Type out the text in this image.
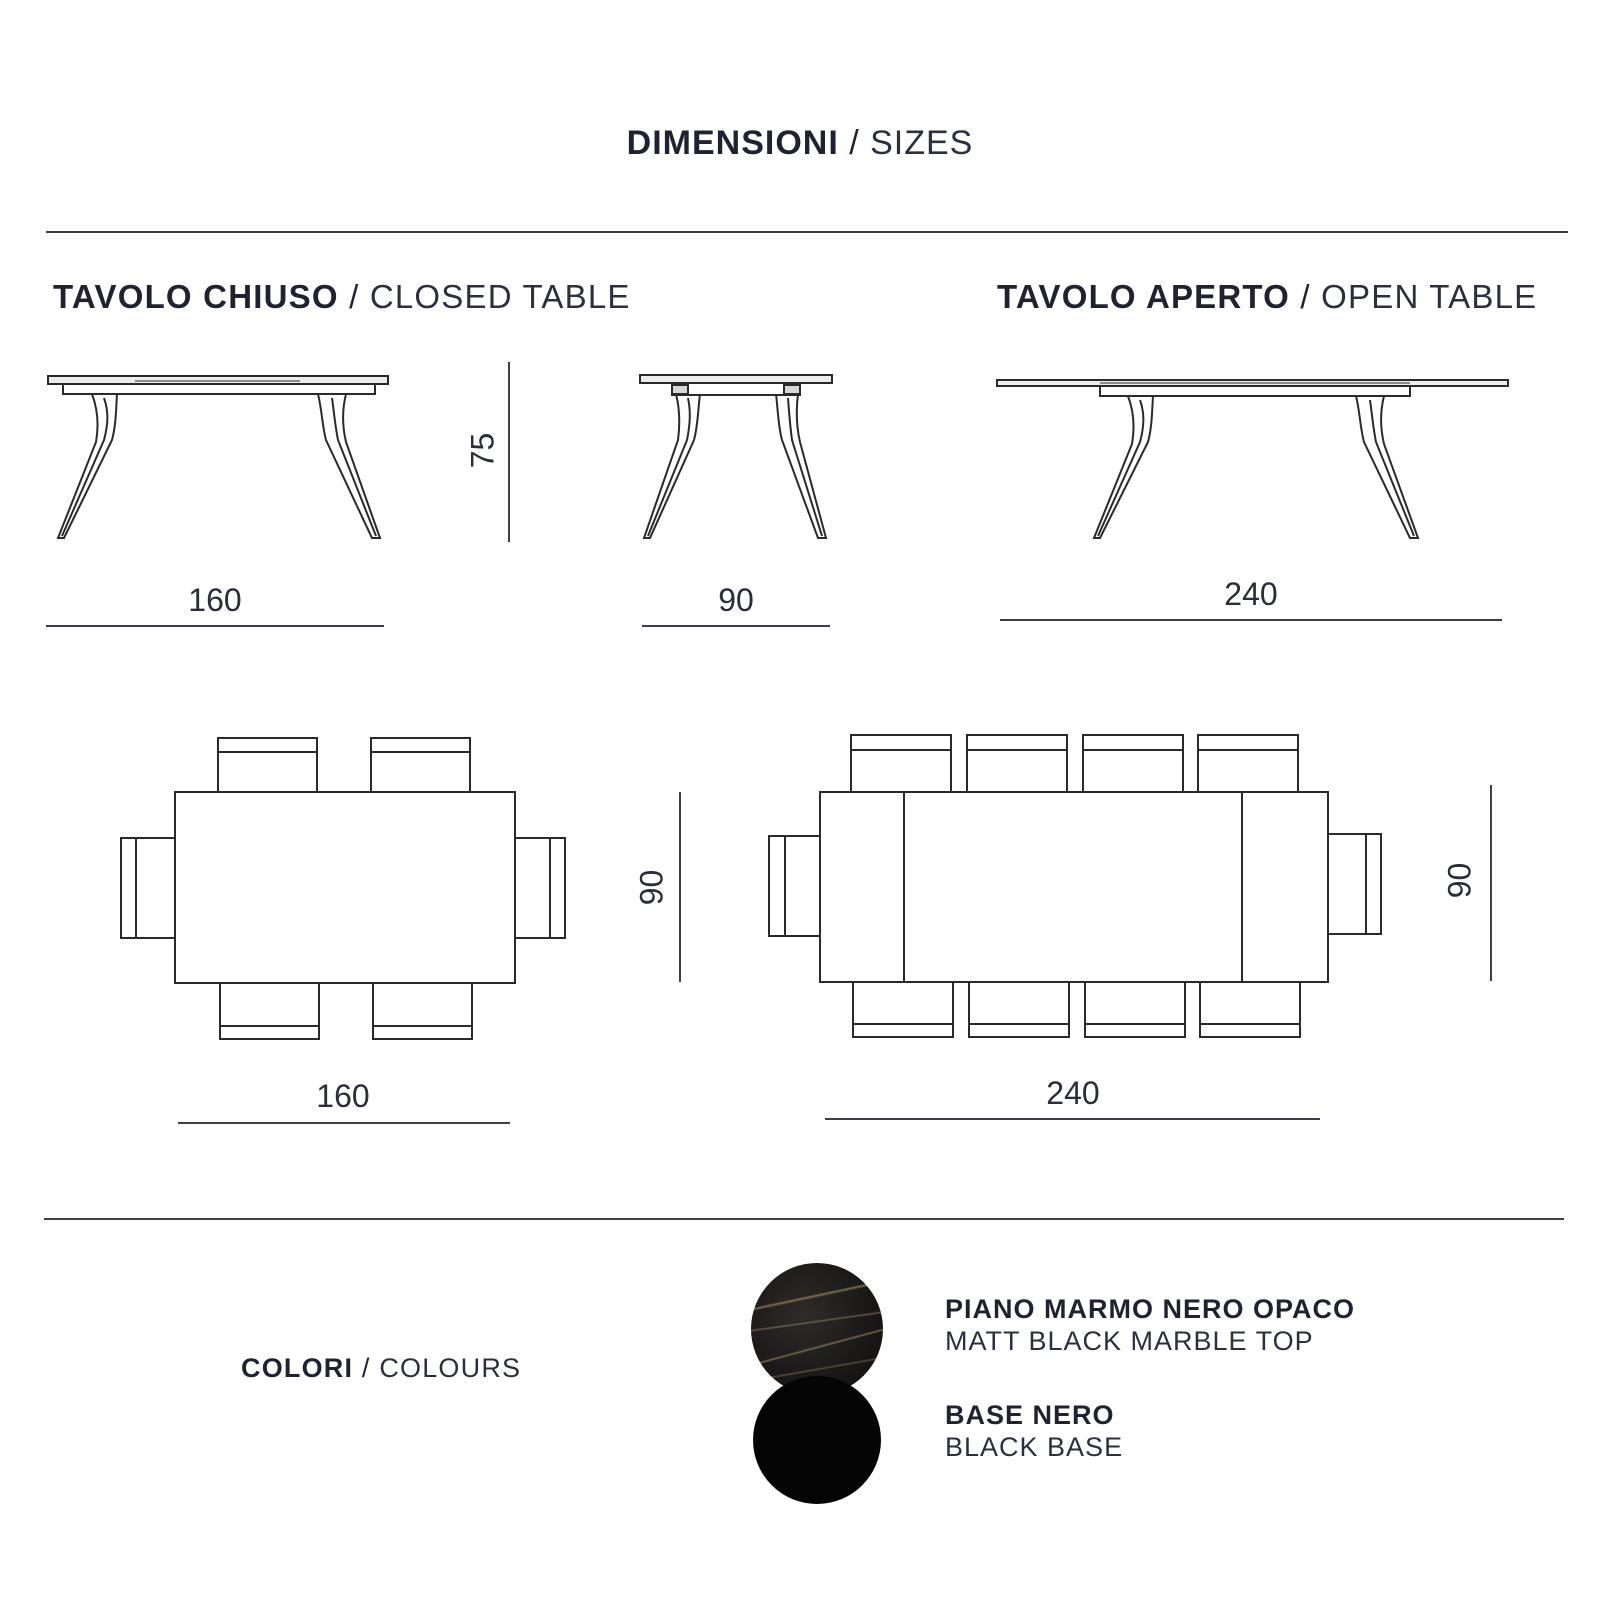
DIMENSIONI / SIZES
TAVOLO CHIUSO / CLOSED TABLE	TAVOLO APERTO / OPEN TABLE
160
75
90	240
160
90
240
90
COLORI / COLOURS
PIANO MARMO NERO OPACO
MATT BLACK MARBLE TOP
BASE NERO
BLACK BASE
